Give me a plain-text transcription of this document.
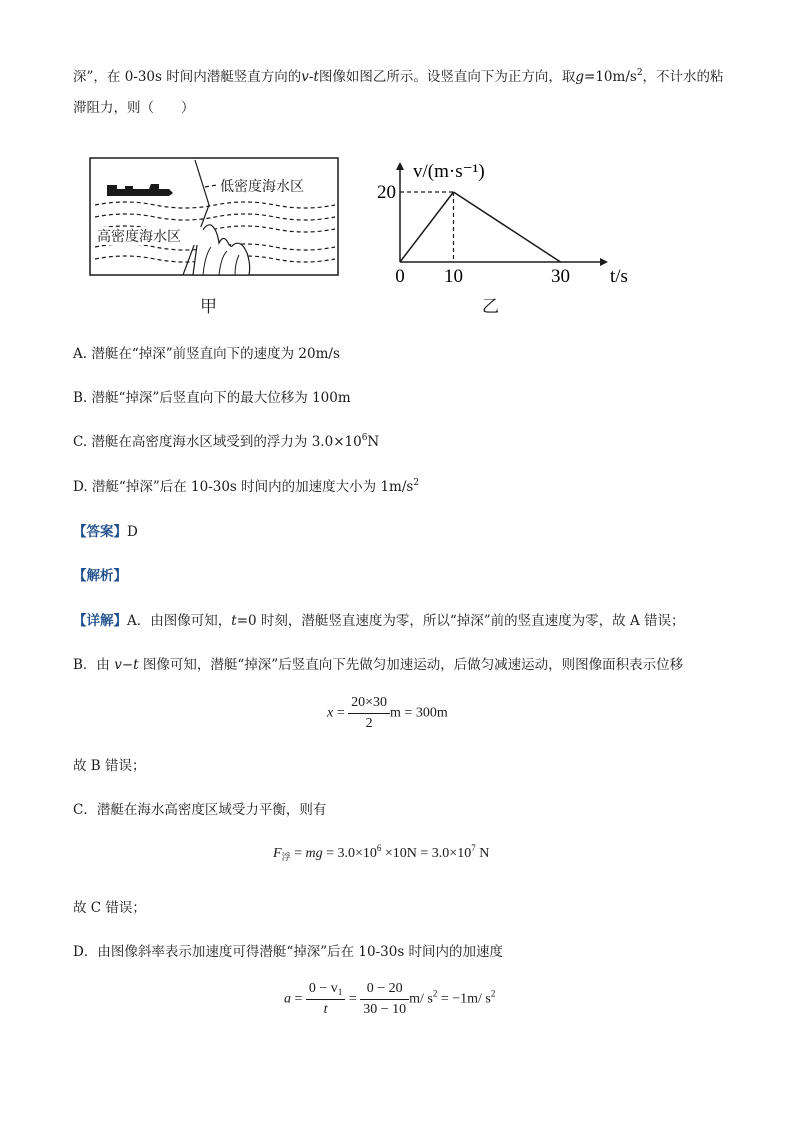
深”，在 0-30s 时间内潜艇竖直方向的v-t图像如图乙所示。设竖直向下为正方向，取$g=10m/s^2$，不计水的粘
滞阻力，则（　　）
低密度海水区
高密度海水区
甲
v/(m·s⁻¹)
t/s
0 10	30
20
乙
A. 潜艇在“掉深”前竖直向下的速度为 20m/s
B. 潜艇“掉深”后竖直向下的最大位移为 100m
C. 潜艇在高密度海水区域受到的浮力为 $3.0\times 10^6N$
D. 潜艇“掉深”后在 10-30s 时间内的加速度大小为 $1m/s^2$
【答案】D
【解析】
【详解】A．由图像可知，t=0 时刻，潜艇竖直速度为零，所以“掉深”前的竖直速度为零，故 A 错误；
B．由 v−t 图像可知，潜艇“掉深”后竖直向下先做匀加速运动，后做匀减速运动，则图像面积表示位移
$x = \frac{20\times 30}{2}$ m = 300m
故 B 错误；
C．潜艇在海水高密度区域受力平衡，则有
$F_浮$ = mg = $3.0\times 10^6 \times 10N = 3.0\times 10^7$ N
故 C 错误；
D．由图像斜率表示加速度可得潜艇“掉深”后在 10-30s 时间内的加速度
$a = \frac{0 - v_1}{t} = \frac{0 - 20}{30 - 10} m/$ $s^2 = -1m/$ $s^2$
